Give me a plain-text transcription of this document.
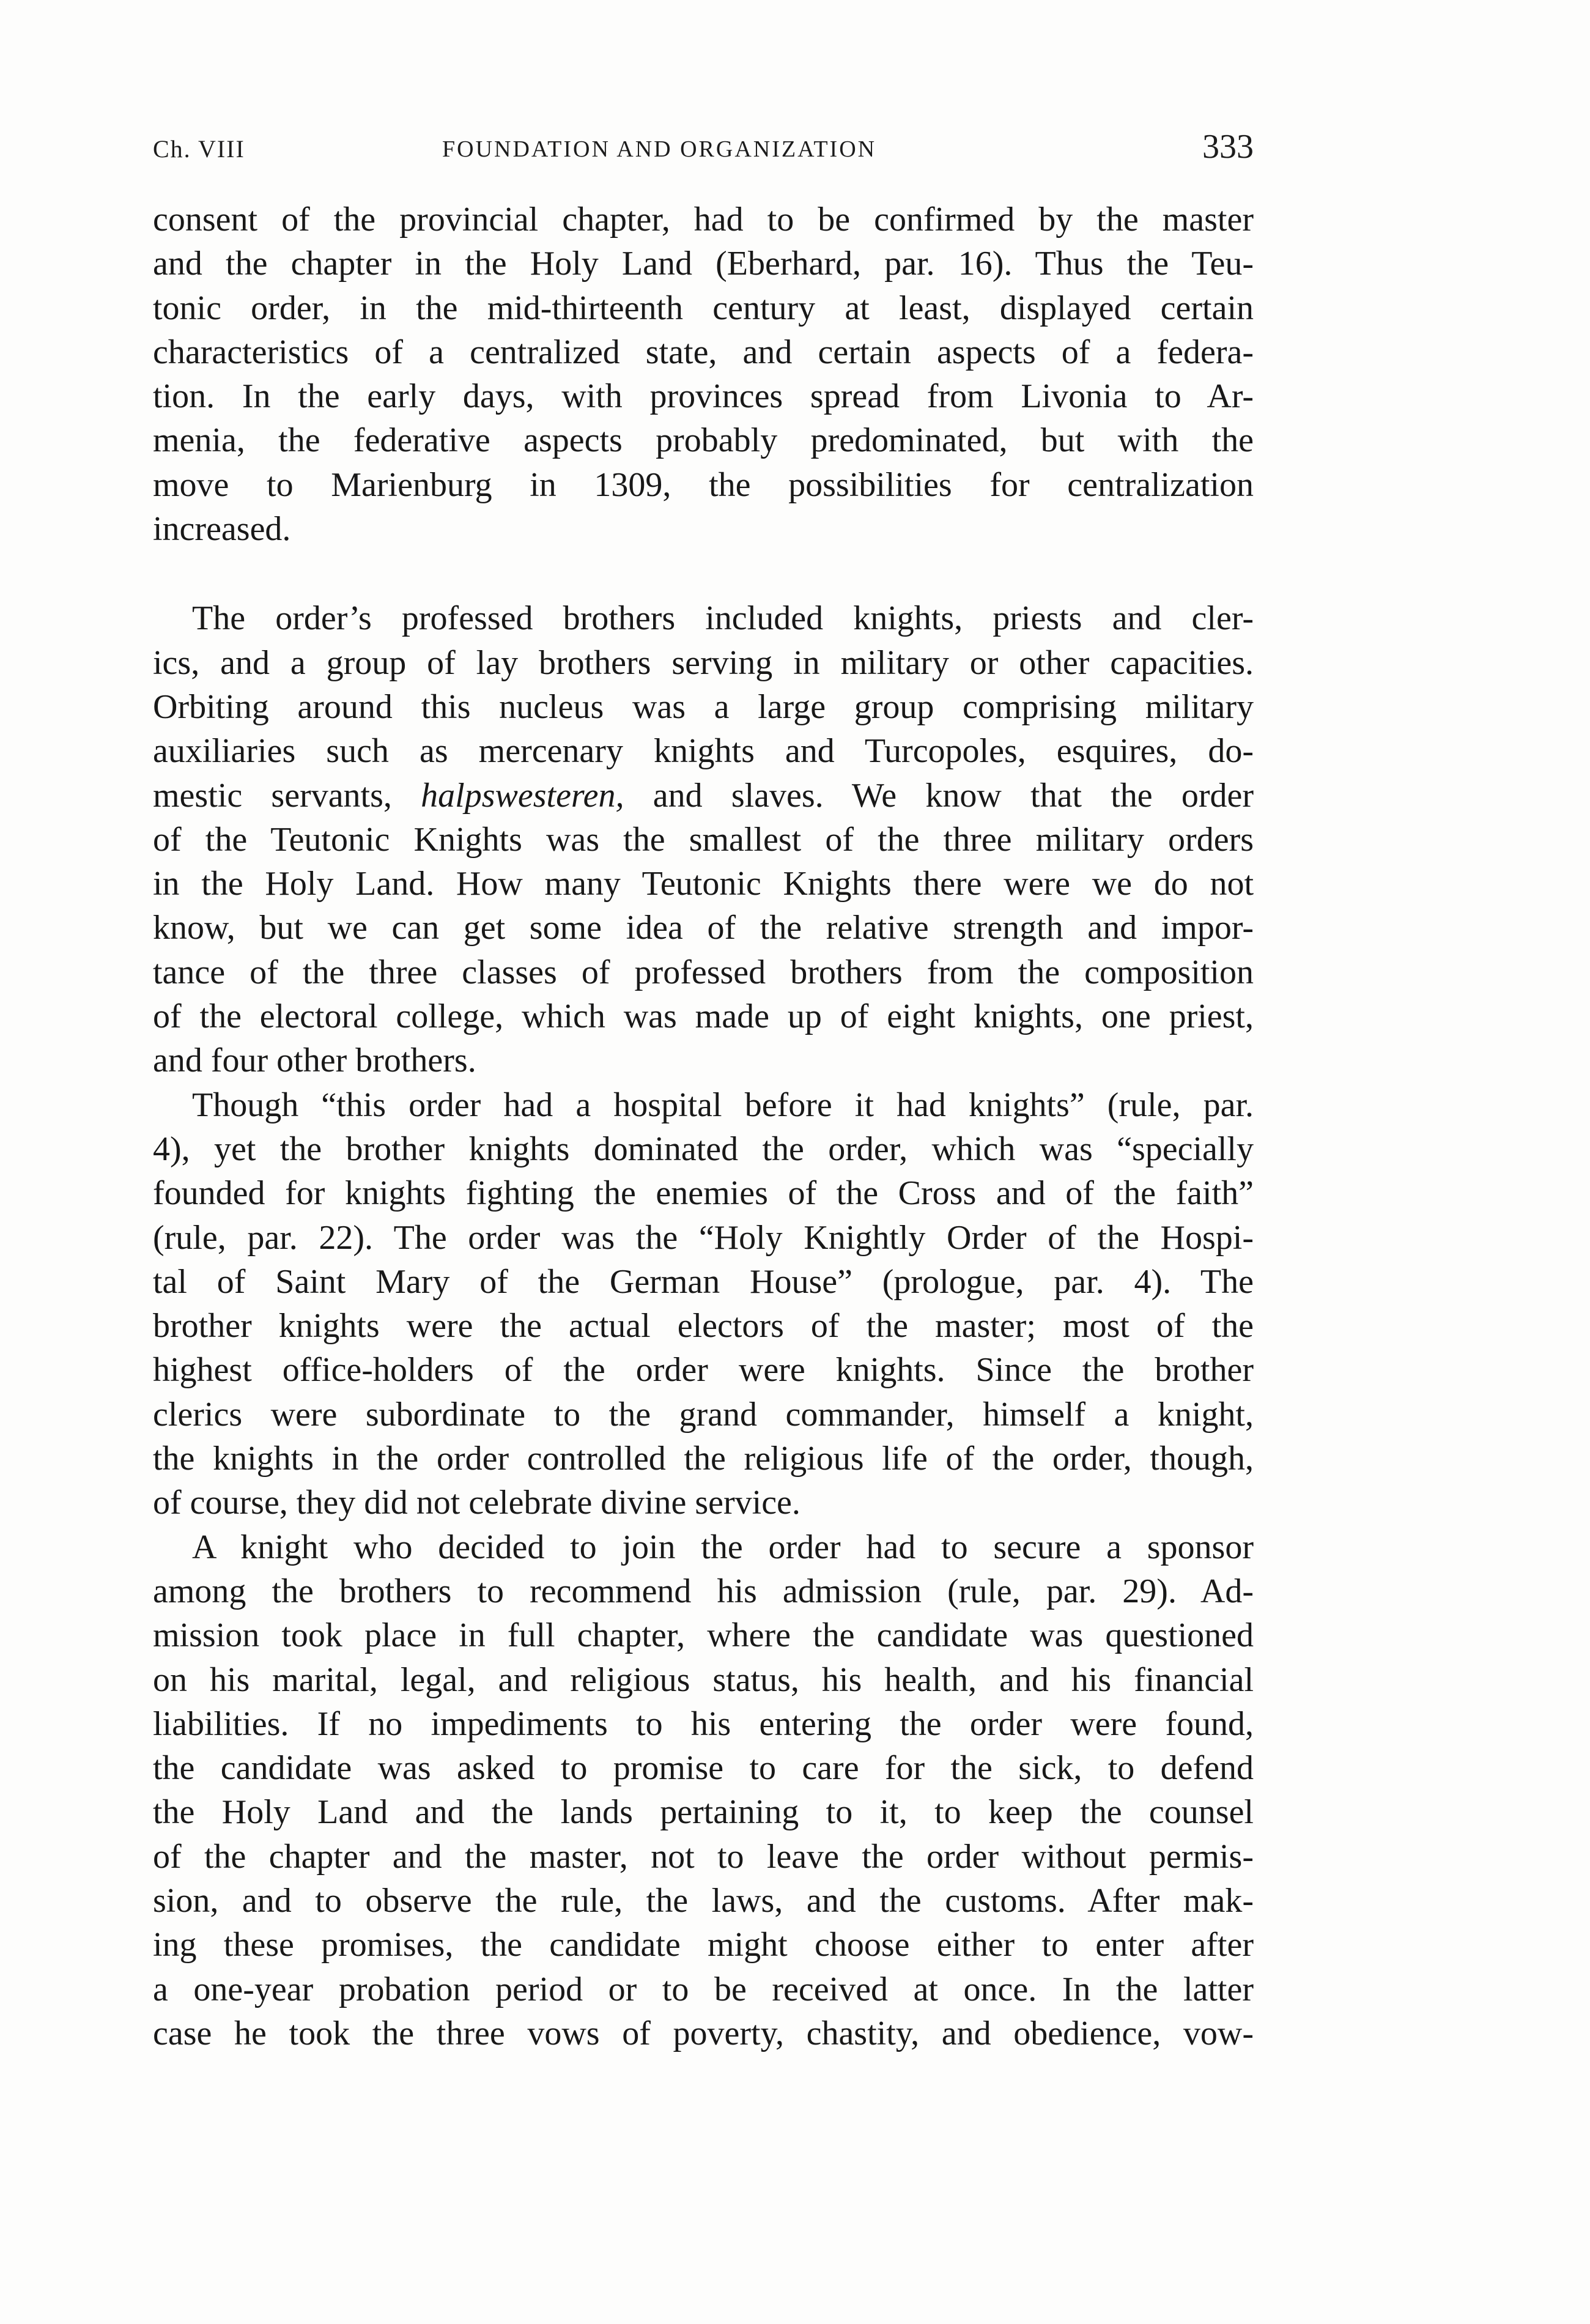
Ch. VIII	FOUNDATION AND ORGANIZATION	333

consent of the provincial chapter, had to be confirmed by the master
and the chapter in the Holy Land (Eberhard, par. 16). Thus the Teu-
tonic order, in the mid-thirteenth century at least, displayed certain
characteristics of a centralized state, and certain aspects of a federa-
tion. In the early days, with provinces spread from Livonia to Ar-
menia, the federative aspects probably predominated, but with the
move to Marienburg in 1309, the possibilities for centralization
increased.

The order’s professed brothers included knights, priests and cler-
ics, and a group of lay brothers serving in military or other capacities.
Orbiting around this nucleus was a large group comprising military
auxiliaries such as mercenary knights and Turcopoles, esquires, do-
mestic servants, halpswesteren, and slaves. We know that the order
of the Teutonic Knights was the smallest of the three military orders
in the Holy Land. How many Teutonic Knights there were we do not
know, but we can get some idea of the relative strength and impor-
tance of the three classes of professed brothers from the composition
of the electoral college, which was made up of eight knights, one priest,
and four other brothers.

Though “this order had a hospital before it had knights” (rule, par.
4), yet the brother knights dominated the order, which was “specially
founded for knights fighting the enemies of the Cross and of the faith”
(rule, par. 22). The order was the “Holy Knightly Order of the Hospi-
tal of Saint Mary of the German House” (prologue, par. 4). The
brother knights were the actual electors of the master; most of the
highest office-holders of the order were knights. Since the brother
clerics were subordinate to the grand commander, himself a knight,
the knights in the order controlled the religious life of the order, though,
of course, they did not celebrate divine service.

A knight who decided to join the order had to secure a sponsor
among the brothers to recommend his admission (rule, par. 29). Ad-
mission took place in full chapter, where the candidate was questioned
on his marital, legal, and religious status, his health, and his financial
liabilities. If no impediments to his entering the order were found,
the candidate was asked to promise to care for the sick, to defend
the Holy Land and the lands pertaining to it, to keep the counsel
of the chapter and the master, not to leave the order without permis-
sion, and to observe the rule, the laws, and the customs. After mak-
ing these promises, the candidate might choose either to enter after
a one-year probation period or to be received at once. In the latter
case he took the three vows of poverty, chastity, and obedience, vow-
